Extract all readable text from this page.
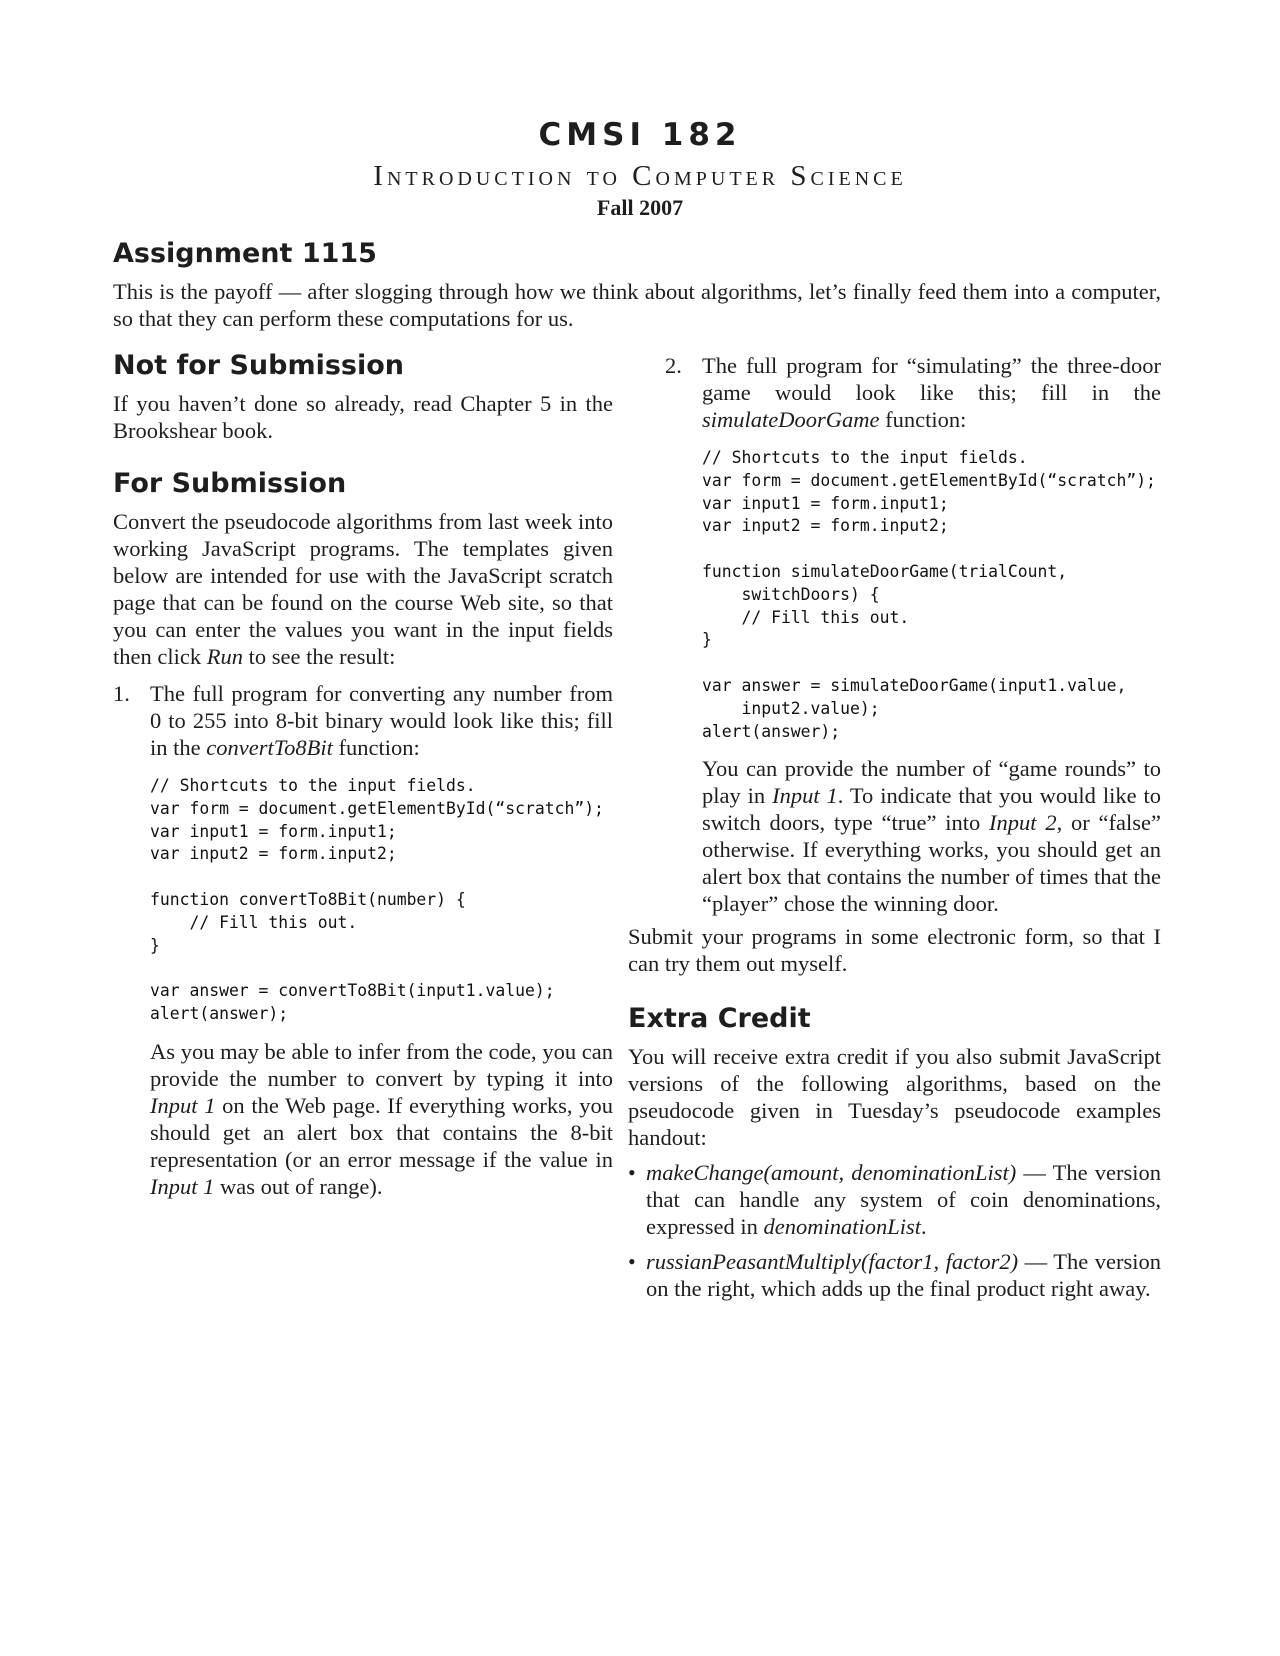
CMSI 182
Introduction to Computer Science
Fall 2007
Assignment 1115

This is the payoff — after slogging through how we think about algorithms, let’s finally feed them into a computer, so that they can perform these computations for us.

Not for Submission

If you haven’t done so already, read Chapter 5 in the Brookshear book.

For Submission

Convert the pseudocode algorithms from last week into working JavaScript programs. The templates given below are intended for use with the JavaScript scratch page that can be found on the course Web site, so that you can enter the values you want in the input fields then click Run to see the result:

1. The full program for converting any number from 0 to 255 into 8-bit binary would look like this; fill in the convertTo8Bit function:

// Shortcuts to the input fields.
var form = document.getElementById(“scratch”);
var input1 = form.input1;
var input2 = form.input2;

function convertTo8Bit(number) {
// Fill this out.
}

var answer = convertTo8Bit(input1.value);
alert(answer);

As you may be able to infer from the code, you can provide the number to convert by typing it into Input 1 on the Web page. If everything works, you should get an alert box that contains the 8-bit representation (or an error message if the value in Input 1 was out of range).

2. The full program for “simulating” the three-door game would look like this; fill in the simulateDoorGame function:

// Shortcuts to the input fields.
var form = document.getElementById(“scratch”);
var input1 = form.input1;
var input2 = form.input2;

function simulateDoorGame(trialCount,
switchDoors) {
// Fill this out.
}

var answer = simulateDoorGame(input1.value,
input2.value);
alert(answer);

You can provide the number of “game rounds” to play in Input 1. To indicate that you would like to switch doors, type “true” into Input 2, or “false” otherwise. If everything works, you should get an alert box that contains the number of times that the “player” chose the winning door.

Submit your programs in some electronic form, so that I can try them out myself.

Extra Credit

You will receive extra credit if you also submit JavaScript versions of the following algorithms, based on the pseudocode given in Tuesday’s pseudocode examples handout:

• makeChange(amount, denominationList) — The version that can handle any system of coin denominations, expressed in denominationList.

• russianPeasantMultiply(factor1, factor2) — The version on the right, which adds up the final product right away.
